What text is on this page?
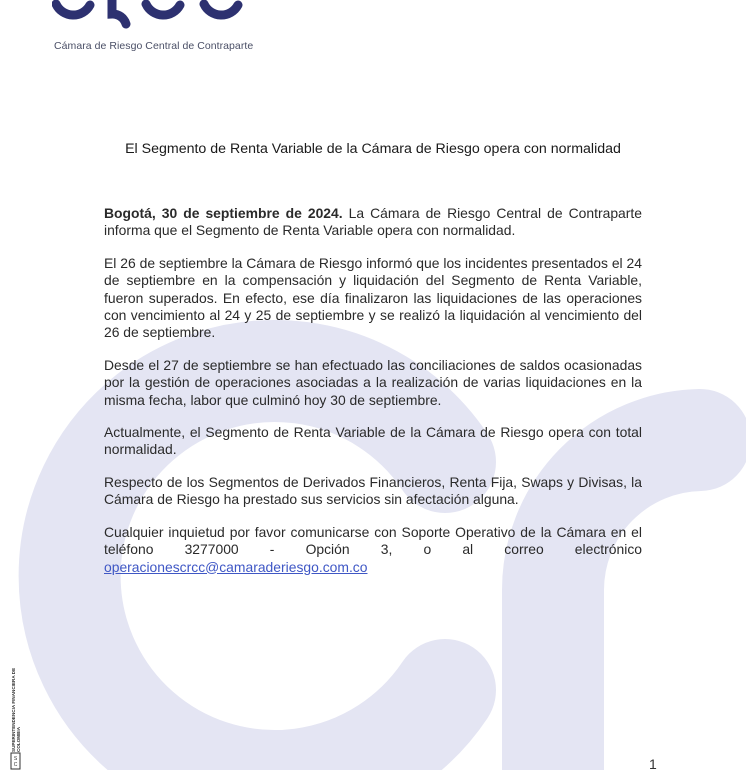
Cámara de Riesgo Central de Contraparte
El Segmento de Renta Variable de la Cámara de Riesgo opera con normalidad

Bogotá, 30 de septiembre de 2024. La Cámara de Riesgo Central de Contraparte informa que el Segmento de Renta Variable opera con normalidad.

El 26 de septiembre la Cámara de Riesgo informó que los incidentes presentados el 24 de septiembre en la compensación y liquidación del Segmento de Renta Variable, fueron superados. En efecto, ese día finalizaron las liquidaciones de las operaciones con vencimiento al 24 y 25 de septiembre y se realizó la liquidación al vencimiento del 26 de septiembre.

Desde el 27 de septiembre se han efectuado las conciliaciones de saldos ocasionadas por la gestión de operaciones asociadas a la realización de varias liquidaciones en la misma fecha, labor que culminó hoy 30 de septiembre.

Actualmente, el Segmento de Renta Variable de la Cámara de Riesgo opera con total normalidad.

Respecto de los Segmentos de Derivados Financieros, Renta Fija, Swaps y Divisas, la Cámara de Riesgo ha prestado sus servicios sin afectación alguna.

Cualquier inquietud por favor comunicarse con Soporte Operativo de la Cámara en el teléfono 3277000 - Opción 3, o al correo electrónico

operacionescrcc@camaraderiesgo.com.co

SUPERINTENDENCIA FINANCIERA DE COLOMBIA
S
C	1
